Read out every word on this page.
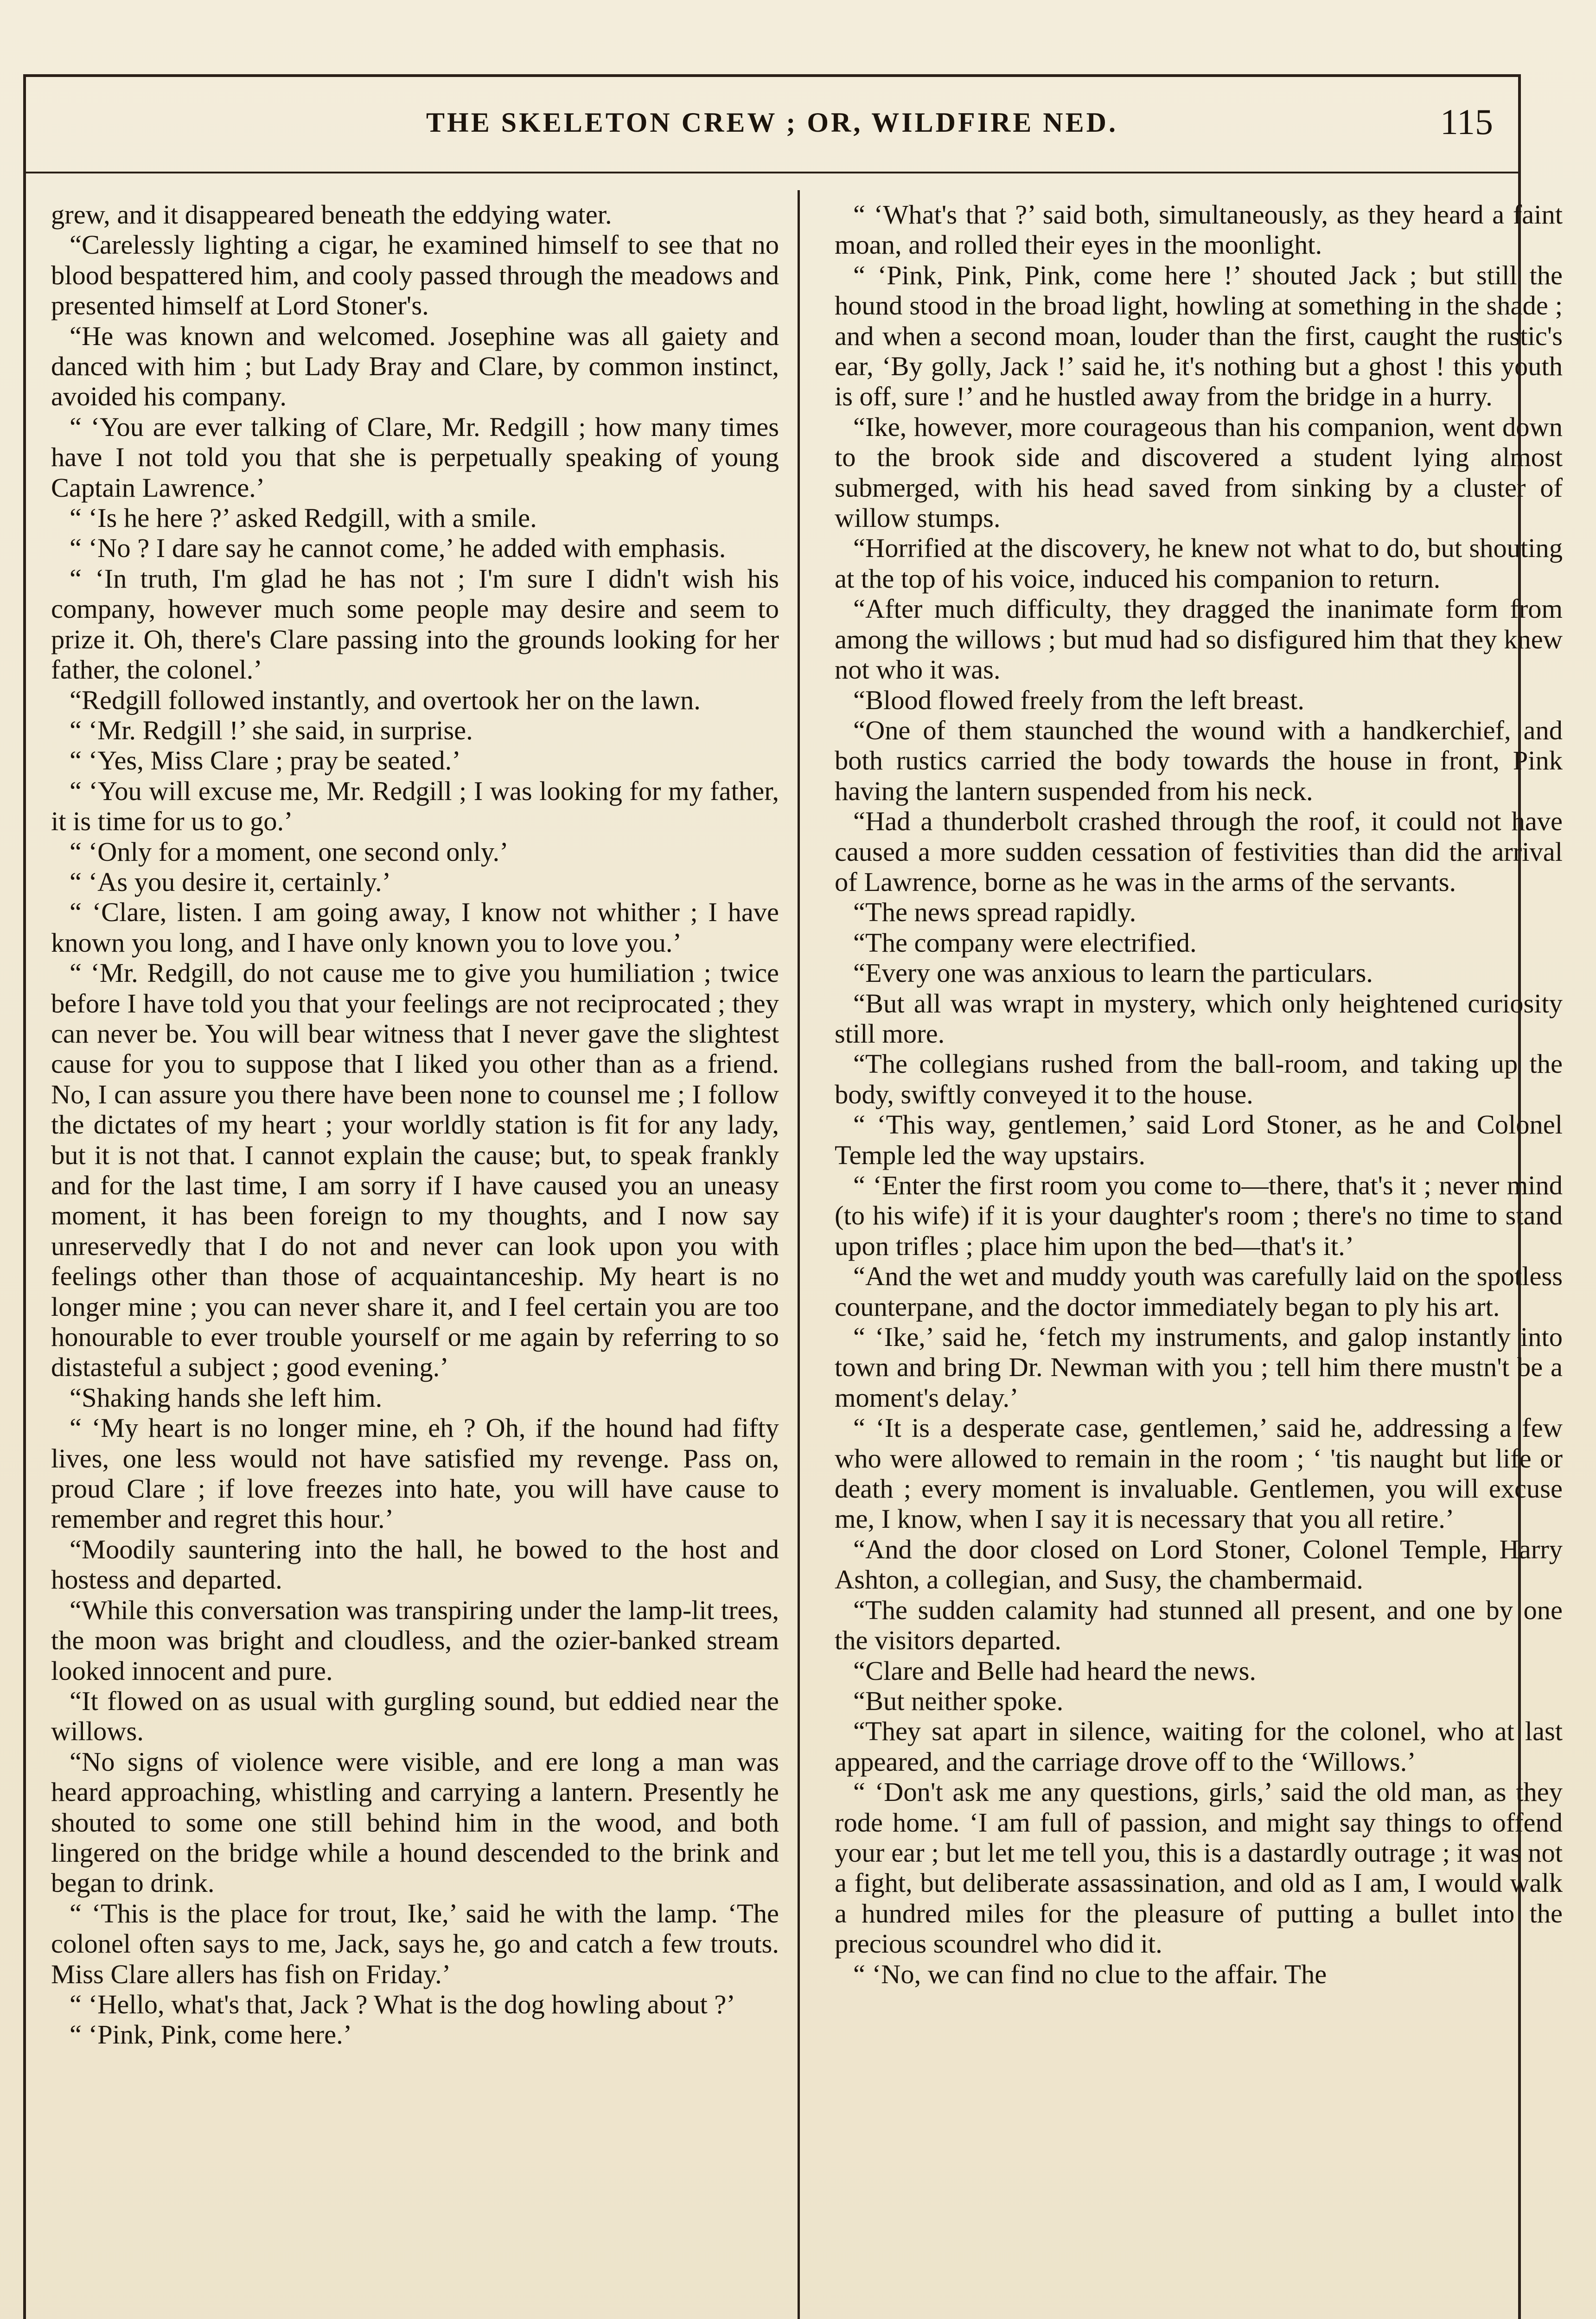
THE SKELETON CREW ; OR, WILDFIRE NED.	115

grew, and it disappeared beneath the eddying water.

“Carelessly lighting a cigar, he examined himself to see that no blood bespattered him, and cooly passed through the meadows and presented himself at Lord Stoner's.

“He was known and welcomed. Josephine was all gaiety and danced with him ; but Lady Bray and Clare, by common instinct, avoided his company.

“ ‘You are ever talking of Clare, Mr. Redgill ; how many times have I not told you that she is perpetually speaking of young Captain Lawrence.’

“ ‘Is he here ?’ asked Redgill, with a smile.

“ ‘No ? I dare say he cannot come,’ he added with emphasis.

“ ‘In truth, I'm glad he has not ; I'm sure I didn't wish his company, however much some people may desire and seem to prize it. Oh, there's Clare passing into the grounds looking for her father, the colonel.’

“Redgill followed instantly, and overtook her on the lawn.

“ ‘Mr. Redgill !’ she said, in surprise.

“ ‘Yes, Miss Clare ; pray be seated.’

“ ‘You will excuse me, Mr. Redgill ; I was looking for my father, it is time for us to go.’

“ ‘Only for a moment, one second only.’

“ ‘As you desire it, certainly.’

“ ‘Clare, listen. I am going away, I know not whither ; I have known you long, and I have only known you to love you.’

“ ‘Mr. Redgill, do not cause me to give you humiliation ; twice before I have told you that your feelings are not reciprocated ; they can never be. You will bear witness that I never gave the slightest cause for you to suppose that I liked you other than as a friend. No, I can assure you there have been none to counsel me ; I follow the dictates of my heart ; your worldly station is fit for any lady, but it is not that. I cannot explain the cause; but, to speak frankly and for the last time, I am sorry if I have caused you an uneasy moment, it has been foreign to my thoughts, and I now say unreservedly that I do not and never can look upon you with feelings other than those of acquaintanceship. My heart is no longer mine ; you can never share it, and I feel certain you are too honourable to ever trouble yourself or me again by referring to so distasteful a subject ; good evening.’

“Shaking hands she left him.

“ ‘My heart is no longer mine, eh ? Oh, if the hound had fifty lives, one less would not have satisfied my revenge. Pass on, proud Clare ; if love freezes into hate, you will have cause to remember and regret this hour.’

“Moodily sauntering into the hall, he bowed to the host and hostess and departed.

“While this conversation was transpiring under the lamp-lit trees, the moon was bright and cloudless, and the ozier-banked stream looked innocent and pure.

“It flowed on as usual with gurgling sound, but eddied near the willows.

“No signs of violence were visible, and ere long a man was heard approaching, whistling and carrying a lantern. Presently he shouted to some one still behind him in the wood, and both lingered on the bridge while a hound descended to the brink and began to drink.

“ ‘This is the place for trout, Ike,’ said he with the lamp. ‘The colonel often says to me, Jack, says he, go and catch a few trouts. Miss Clare allers has fish on Friday.’

“ ‘Hello, what's that, Jack ? What is the dog howling about ?’

“ ‘Pink, Pink, come here.’

“ ‘What's that ?’ said both, simultaneously, as they heard a faint moan, and rolled their eyes in the moonlight.

“ ‘Pink, Pink, Pink, come here !’ shouted Jack ; but still the hound stood in the broad light, howling at something in the shade ; and when a second moan, louder than the first, caught the rustic's ear, ‘By golly, Jack !’ said he, it's nothing but a ghost ! this youth is off, sure !’ and he hustled away from the bridge in a hurry.

“Ike, however, more courageous than his companion, went down to the brook side and discovered a student lying almost submerged, with his head saved from sinking by a cluster of willow stumps.

“Horrified at the discovery, he knew not what to do, but shouting at the top of his voice, induced his companion to return.

“After much difficulty, they dragged the inanimate form from among the willows ; but mud had so disfigured him that they knew not who it was.

“Blood flowed freely from the left breast.

“One of them staunched the wound with a handkerchief, and both rustics carried the body towards the house in front, Pink having the lantern suspended from his neck.

“Had a thunderbolt crashed through the roof, it could not have caused a more sudden cessation of festivities than did the arrival of Lawrence, borne as he was in the arms of the servants.

“The news spread rapidly.

“The company were electrified.

“Every one was anxious to learn the particulars.

“But all was wrapt in mystery, which only heightened curiosity still more.

“The collegians rushed from the ball-room, and taking up the body, swiftly conveyed it to the house.

“ ‘This way, gentlemen,’ said Lord Stoner, as he and Colonel Temple led the way upstairs.

“ ‘Enter the first room you come to—there, that's it ; never mind (to his wife) if it is your daughter's room ; there's no time to stand upon trifles ; place him upon the bed—that's it.’

“And the wet and muddy youth was carefully laid on the spotless counterpane, and the doctor immediately began to ply his art.

“ ‘Ike,’ said he, ‘fetch my instruments, and galop instantly into town and bring Dr. Newman with you ; tell him there mustn't be a moment's delay.’

“ ‘It is a desperate case, gentlemen,’ said he, addressing a few who were allowed to remain in the room ; ‘ 'tis naught but life or death ; every moment is invaluable. Gentlemen, you will excuse me, I know, when I say it is necessary that you all retire.’

“And the door closed on Lord Stoner, Colonel Temple, Harry Ashton, a collegian, and Susy, the chambermaid.

“The sudden calamity had stunned all present, and one by one the visitors departed.

“Clare and Belle had heard the news.

“But neither spoke.

“They sat apart in silence, waiting for the colonel, who at last appeared, and the carriage drove off to the ‘Willows.’

“ ‘Don't ask me any questions, girls,’ said the old man, as they rode home. ‘I am full of passion, and might say things to offend your ear ; but let me tell you, this is a dastardly outrage ; it was not a fight, but deliberate assassination, and old as I am, I would walk a hundred miles for the pleasure of putting a bullet into the precious scoundrel who did it.

“ ‘No, we can find no clue to the affair. The
